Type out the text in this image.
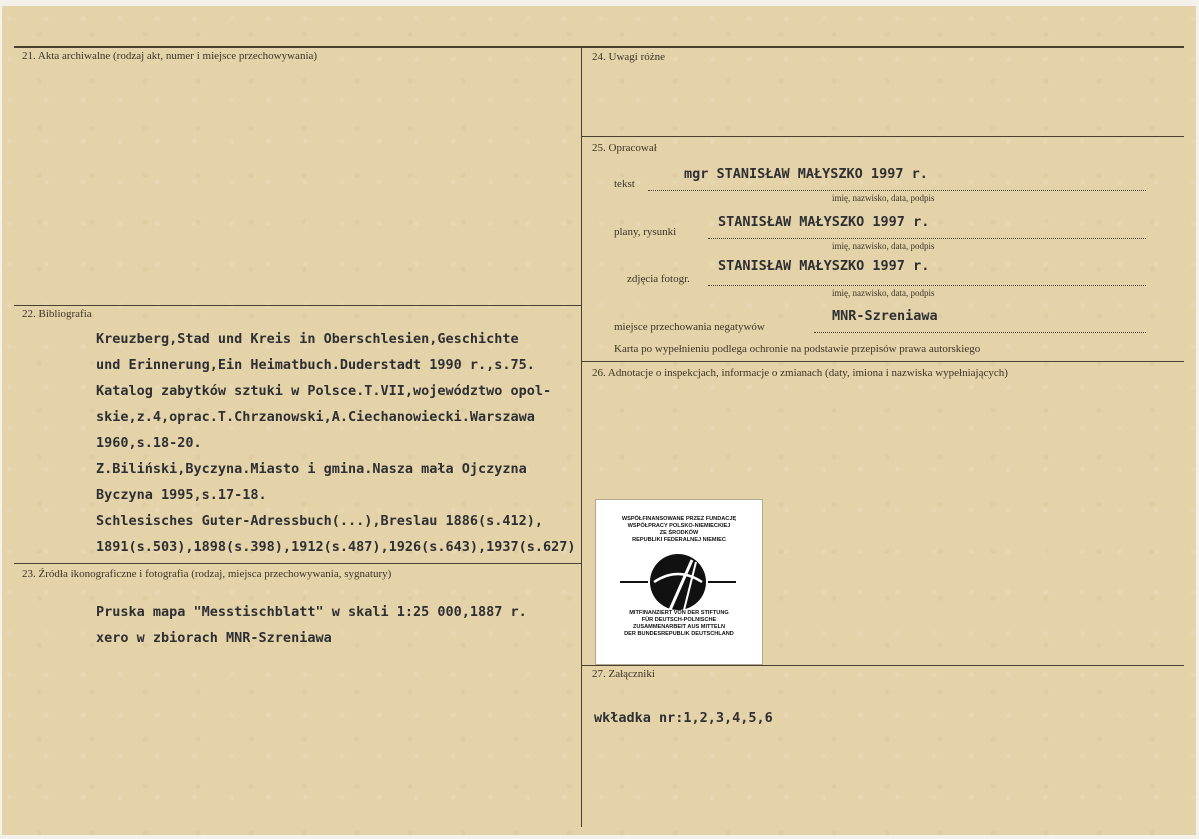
21. Akta archiwalne (rodzaj akt, numer i miejsce przechowywania)
22. Bibliografia
Kreuzberg,Stad und Kreis in Oberschlesien,Geschichte
und Erinnerung,Ein Heimatbuch.Duderstadt 1990 r.,s.75.
Katalog zabytków sztuki w Polsce.T.VII,województwo opol-
skie,z.4,oprac.T.Chrzanowski,A.Ciechanowiecki.Warszawa
1960,s.18-20.
Z.Biliński,Byczyna.Miasto i gmina.Nasza mała Ojczyzna
Byczyna 1995,s.17-18.
Schlesisches Guter-Adressbuch(...),Breslau 1886(s.412),
1891(s.503),1898(s.398),1912(s.487),1926(s.643),1937(s.627)
23. Źródła ikonograficzne i fotografia (rodzaj, miejsca przechowywania, sygnatury)
Pruska mapa "Messtischblatt" w skali 1:25 000,1887 r.
xero w zbiorach MNR-Szreniawa
24. Uwagi różne
25. Opracował
tekst
mgr STANISŁAW MAŁYSZKO 1997 r.
imię, nazwisko, data, podpis
plany, rysunki
STANISŁAW MAŁYSZKO 1997 r.
imię, nazwisko, data, podpis
zdjęcia fotogr.
STANISŁAW MAŁYSZKO 1997 r.
imię, nazwisko, data, podpis
miejsce przechowania negatywów
MNR-Szreniawa
Karta po wypełnieniu podlega ochronie na podstawie przepisów prawa autorskiego
26. Adnotacje o inspekcjach, informacje o zmianach (daty, imiona i nazwiska wypełniających)
WSPÓŁFINANSOWANE PRZEZ FUNDACJĘ
WSPÓŁPRACY POLSKO-NIEMIECKIEJ
ZE ŚRODKÓW
REPUBLIKI FEDERALNEJ NIEMIEC
MITFINANZIERT VON DER STIFTUNG
FÜR DEUTSCH-POLNISCHE
ZUSAMMENARBEIT AUS MITTELN
DER BUNDESREPUBLIK DEUTSCHLAND
27. Załączniki
wkładka nr:1,2,3,4,5,6
